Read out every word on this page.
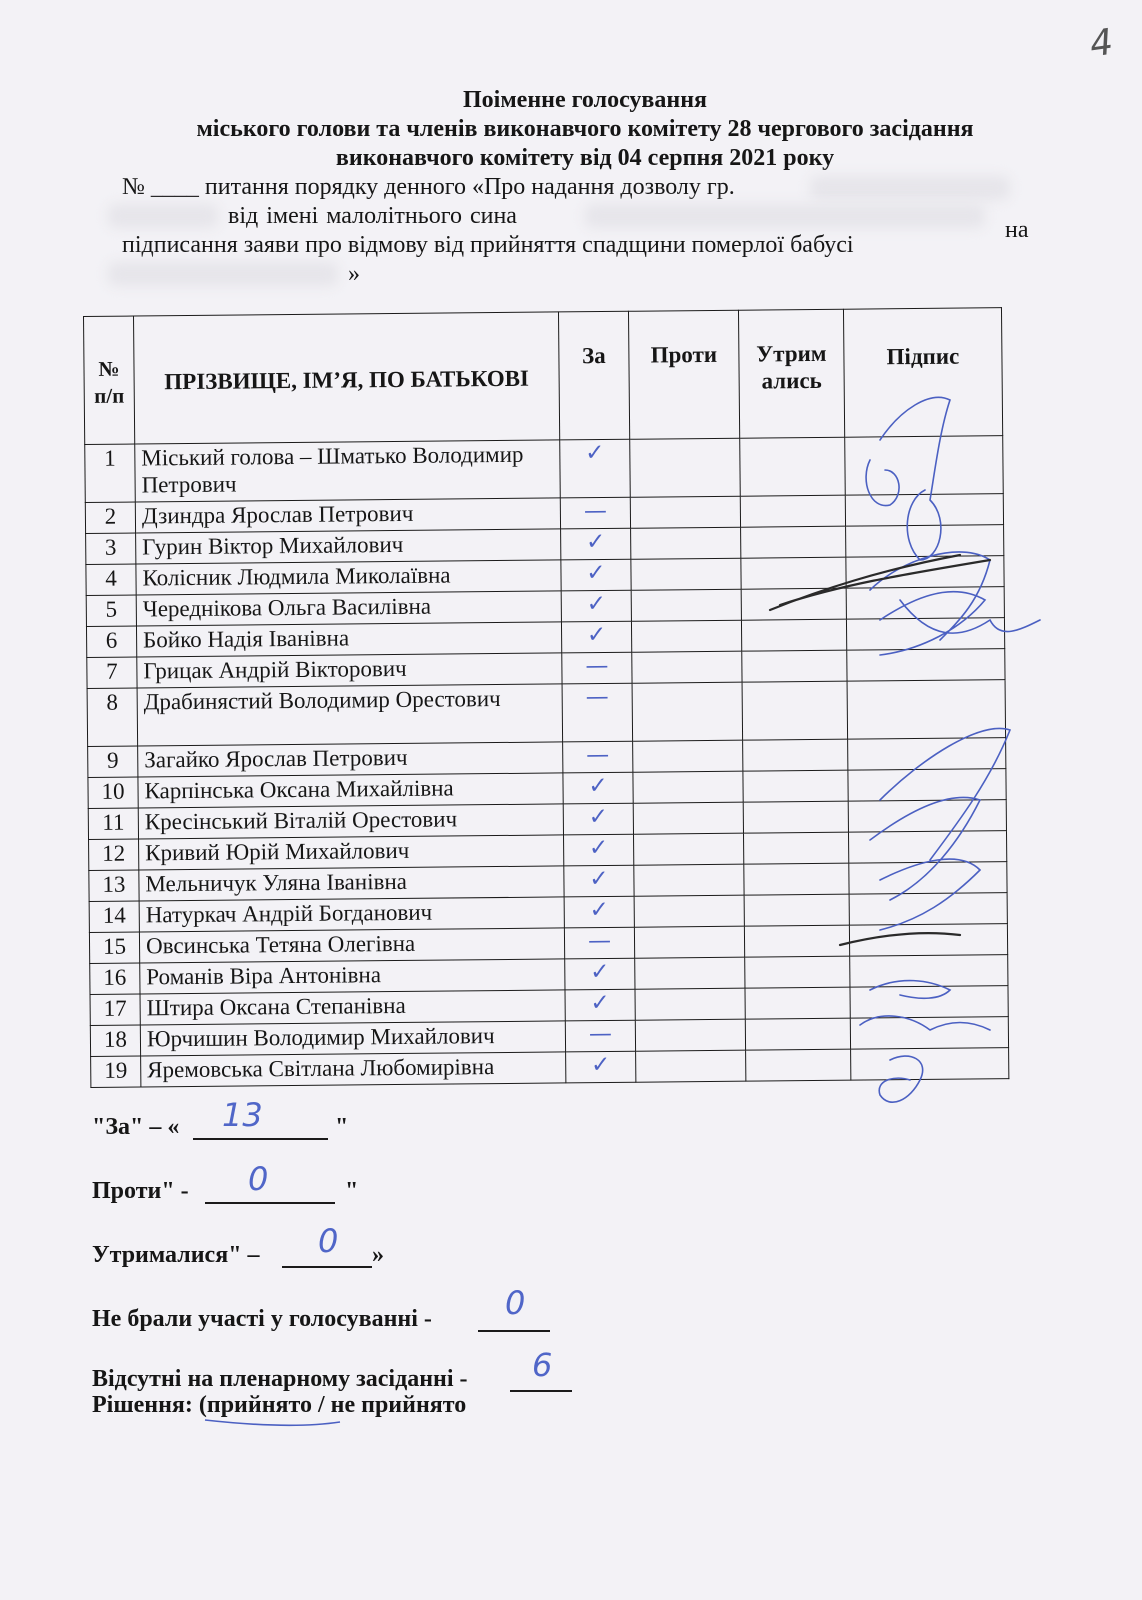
4
Поіменне голосування
міського голови та членів виконавчого комітету 28 чергового засідання
виконавчого комітету від 04 серпня 2021 року
№ ____ питання порядку денного «Про надання дозволу гр.
від імені малолітнього сина
на
підписання заяви про відмову від прийняття спадщини померлої бабусі
»
№ п/п	ПРІЗВИЩЕ, ІМ’Я, ПО БАТЬКОВІ	За	Проти	Утрим ались	Підпис
1	Міський голова – Шматько Володимир Петрович	✓			
2	Дзиндра Ярослав Петрович	—			
3	Гурин Віктор Михайлович	✓			
4	Колісник Людмила Миколаївна	✓			
5	Череднікова Ольга Василівна	✓			
6	Бойко Надія Іванівна	✓			
7	Грицак Андрій Вікторович	—			
8	Драбинястий Володимир Орестович	—			
9	Загайко Ярослав Петрович	—			
10	Карпінська Оксана Михайлівна	✓			
11	Кресінський Віталій Орестович	✓			
12	Кривий Юрій Михайлович	✓			
13	Мельничук Уляна Іванівна	✓			
14	Натуркач Андрій Богданович	✓			
15	Овсинська Тетяна Олегівна	—			
16	Романів Віра Антонівна	✓			
17	Штира Оксана Степанівна	✓			
18	Юрчишин Володимир Михайлович	—			
19	Яремовська Світлана Любомирівна	✓			
"За" – « 13	"
Проти" - 0	"
Утрималися" – 0 »
Не брали участі у голосуванні - 0
Відсутні на пленарному засіданні - 6
Рішення: (прийнято / не прийнято
